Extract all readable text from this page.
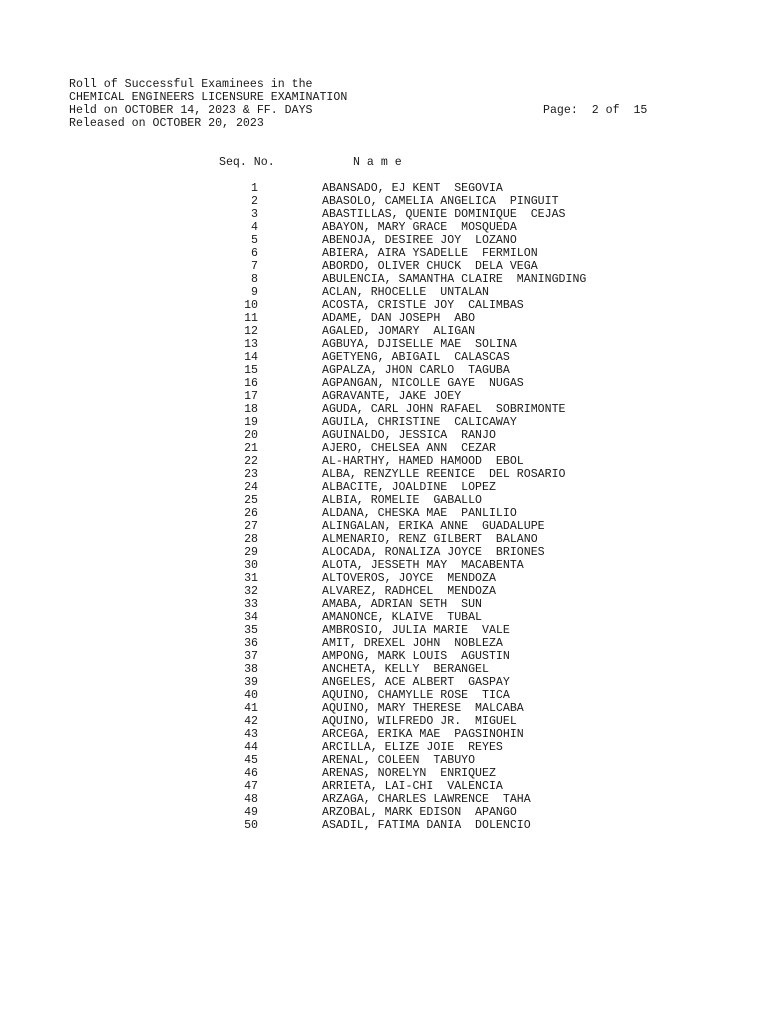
Roll of Successful Examinees in the
CHEMICAL ENGINEERS LICENSURE EXAMINATION
Held on OCTOBER 14, 2023 & FF. DAYS	Page:  2 of  15
Released on OCTOBER 20, 2023
Seq. No.	N a m e
1	ABANSADO, EJ KENT  SEGOVIA
2	ABASOLO, CAMELIA ANGELICA  PINGUIT
3	ABASTILLAS, QUENIE DOMINIQUE  CEJAS
4	ABAYON, MARY GRACE  MOSQUEDA
5	ABENOJA, DESIREE JOY  LOZANO
6	ABIERA, AIRA YSADELLE  FERMILON
7	ABORDO, OLIVER CHUCK  DELA VEGA
8	ABULENCIA, SAMANTHA CLAIRE  MANINGDING
9	ACLAN, RHOCELLE  UNTALAN
10	ACOSTA, CRISTLE JOY  CALIMBAS
11	ADAME, DAN JOSEPH  ABO
12	AGALED, JOMARY  ALIGAN
13	AGBUYA, DJISELLE MAE  SOLINA
14	AGETYENG, ABIGAIL  CALASCAS
15	AGPALZA, JHON CARLO  TAGUBA
16	AGPANGAN, NICOLLE GAYE  NUGAS
17	AGRAVANTE, JAKE JOEY
18	AGUDA, CARL JOHN RAFAEL  SOBRIMONTE
19	AGUILA, CHRISTINE  CALICAWAY
20	AGUINALDO, JESSICA  RANJO
21	AJERO, CHELSEA ANN  CEZAR
22	AL-HARTHY, HAMED HAMOOD  EBOL
23	ALBA, RENZYLLE REENICE  DEL ROSARIO
24	ALBACITE, JOALDINE  LOPEZ
25	ALBIA, ROMELIE  GABALLO
26	ALDANA, CHESKA MAE  PANLILIO
27	ALINGALAN, ERIKA ANNE  GUADALUPE
28	ALMENARIO, RENZ GILBERT  BALANO
29	ALOCADA, RONALIZA JOYCE  BRIONES
30	ALOTA, JESSETH MAY  MACABENTA
31	ALTOVEROS, JOYCE  MENDOZA
32	ALVAREZ, RADHCEL  MENDOZA
33	AMABA, ADRIAN SETH  SUN
34	AMANONCE, KLAIVE  TUBAL
35	AMBROSIO, JULIA MARIE  VALE
36	AMIT, DREXEL JOHN  NOBLEZA
37	AMPONG, MARK LOUIS  AGUSTIN
38	ANCHETA, KELLY  BERANGEL
39	ANGELES, ACE ALBERT  GASPAY
40	AQUINO, CHAMYLLE ROSE  TICA
41	AQUINO, MARY THERESE  MALCABA
42	AQUINO, WILFREDO JR.  MIGUEL
43	ARCEGA, ERIKA MAE  PAGSINOHIN
44	ARCILLA, ELIZE JOIE  REYES
45	ARENAL, COLEEN  TABUYO
46	ARENAS, NORELYN  ENRIQUEZ
47	ARRIETA, LAI-CHI  VALENCIA
48	ARZAGA, CHARLES LAWRENCE  TAHA
49	ARZOBAL, MARK EDISON  APANGO
50	ASADIL, FATIMA DANIA  DOLENCIO
